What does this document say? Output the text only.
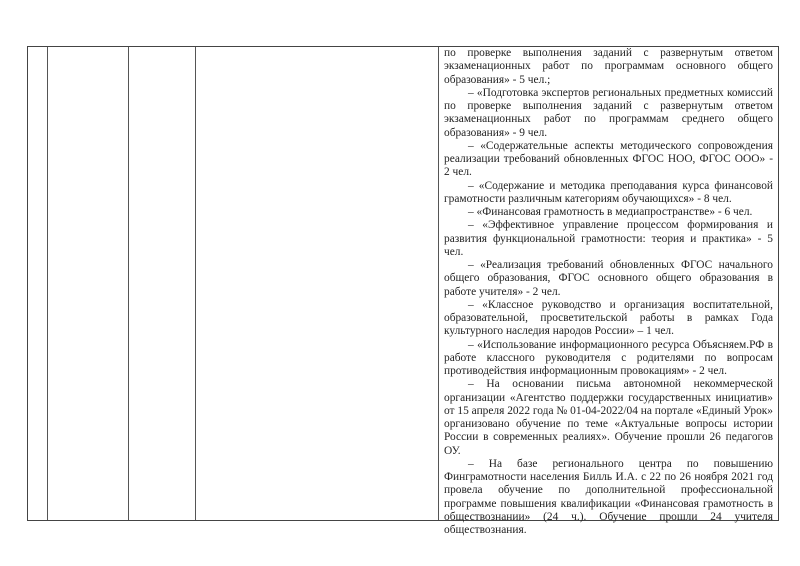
по проверке выполнения заданий с развернутым ответом экзаменационных работ по программам основного общего образования» - 5 чел.;

– «Подготовка экспертов региональных предметных комиссий по проверке выполнения заданий с развернутым ответом экзаменационных работ по программам среднего общего образования» - 9 чел.

– «Содержательные аспекты методического сопровождения реализации требований обновленных ФГОС НОО, ФГОС ООО» - 2 чел.

– «Содержание и методика преподавания курса финансовой грамотности различным категориям обучающихся» - 8 чел.

– «Финансовая грамотность в медиапространстве» - 6 чел.

– «Эффективное управление процессом формирования и развития функциональной грамотности: теория и практика» - 5 чел.

– «Реализация требований обновленных ФГОС начального общего образования, ФГОС основного общего образования в работе учителя» - 2 чел.

– «Классное руководство и организация воспитательной, образовательной, просветительской работы в рамках Года культурного наследия народов России» – 1 чел.

– «Использование информационного ресурса Объясняем.РФ в работе классного руководителя с родителями по вопросам противодействия информационным провокациям» - 2 чел.

– На основании письма автономной некоммерческой организации «Агентство поддержки государственных инициатив» от 15 апреля 2022 года № 01-04-2022/04 на портале «Единый Урок» организовано обучение по теме «Актуальные вопросы истории России в современных реалиях». Обучение прошли 26 педагогов ОУ.

– На базе регионального центра по повышению Финграмотности населения Билль И.А. с 22 по 26 ноября 2021 год провела обучение по дополнительной профессиональной программе повышения квалификации «Финансовая грамотность в обществознании» (24 ч.). Обучение прошли 24 учителя обществознания.
